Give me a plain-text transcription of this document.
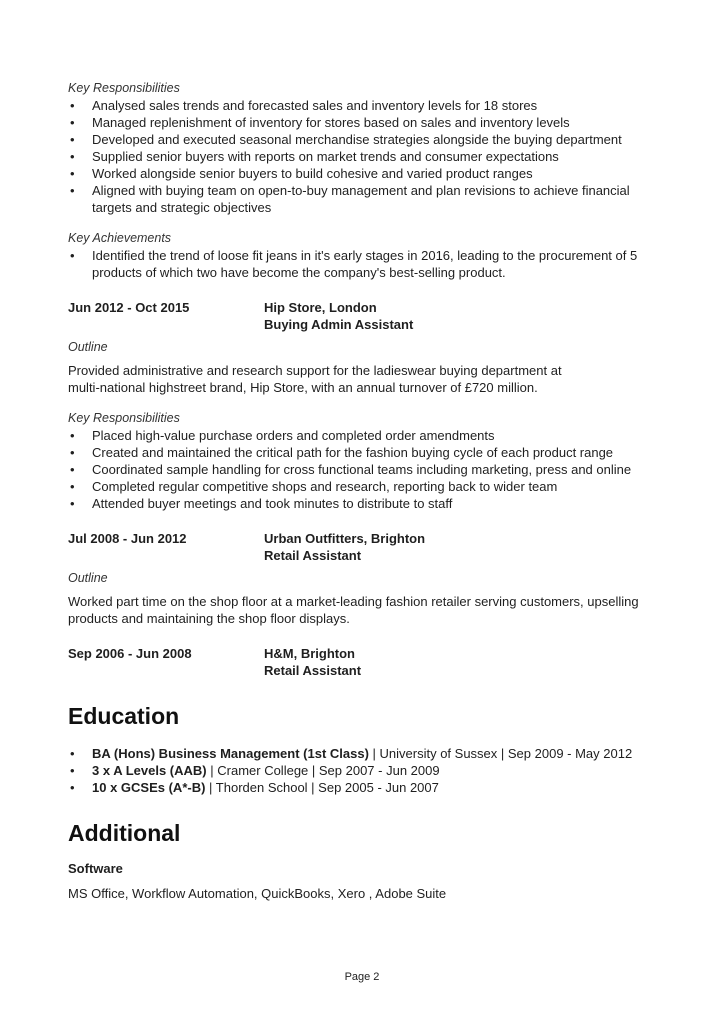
Key Responsibilities

• Analysed sales trends and forecasted sales and inventory levels for 18 stores
• Managed replenishment of inventory for stores based on sales and inventory levels
• Developed and executed seasonal merchandise strategies alongside the buying department
• Supplied senior buyers with reports on market trends and consumer expectations
• Worked alongside senior buyers to build cohesive and varied product ranges
• Aligned with buying team on open-to-buy management and plan revisions to achieve financial targets and strategic objectives

Key Achievements

• Identified the trend of loose fit jeans in it's early stages in 2016, leading to the procurement of 5 products of which two have become the company's best-selling product.
Jun 2012 - Oct 2015	Hip Store, London
Buying Admin Assistant

Outline

Provided administrative and research support for the ladieswear buying department at multi-national highstreet brand, Hip Store, with an annual turnover of £720 million.

Key Responsibilities

• Placed high-value purchase orders and completed order amendments
• Created and maintained the critical path for the fashion buying cycle of each product range
• Coordinated sample handling for cross functional teams including marketing, press and online
• Completed regular competitive shops and research, reporting back to wider team
• Attended buyer meetings and took minutes to distribute to staff
Jul 2008 - Jun 2012	Urban Outfitters, Brighton
Retail Assistant

Outline

Worked part time on the shop floor at a market-leading fashion retailer serving customers, upselling products and maintaining the shop floor displays.

Sep 2006 - Jun 2008	H&M, Brighton
Retail Assistant
Education
• BA (Hons) Business Management (1st Class) | University of Sussex | Sep 2009 - May 2012
• 3 x A Levels (AAB) | Cramer College | Sep 2007 - Jun 2009
• 10 x GCSEs (A*-B) | Thorden School | Sep 2005 - Jun 2007
Additional

Software

MS Office, Workflow Automation, QuickBooks, Xero , Adobe Suite

Page 2
